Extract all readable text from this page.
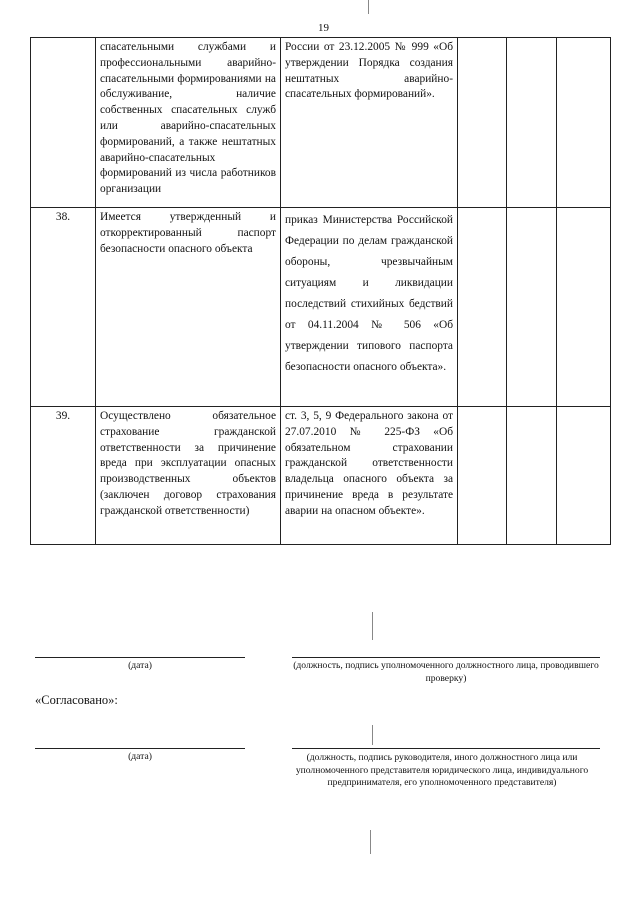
19
	спасательными службами и профессиональными аварийно-спасательными формированиями на обслуживание, наличие собственных спасательных служб или аварийно-спасательных формирований, а также нештатных аварийно-спасательных формирований из числа работников организации	России от 23.12.2005 № 999 «Об утверждении Порядка создания нештатных аварийно-спасательных формирований».			
38.	Имеется утвержденный и откорректированный паспорт безопасности опасного объекта	приказ Министерства Российской Федерации по делам гражданской обороны, чрезвычайным ситуациям и ликвидации последствий стихийных бедствий от 04.11.2004 № 506 «Об утверждении типового паспорта безопасности опасного объекта».			
39.	Осуществлено обязательное страхование гражданской ответственности за причинение вреда при эксплуатации опасных производственных объектов (заключен договор страхования гражданской ответственности)	ст. 3, 5, 9 Федерального закона от 27.07.2010 № 225-ФЗ «Об обязательном страховании гражданской ответственности владельца опасного объекта за причинение вреда в результате аварии на опасном объекте».			
(дата)	(должность, подпись уполномоченного должностного лица, проводившего проверку)
«Согласовано»:
(дата)	(должность, подпись руководителя, иного должностного лица или уполномоченного представителя юридического лица, индивидуального предпринимателя, его уполномоченного представителя)
